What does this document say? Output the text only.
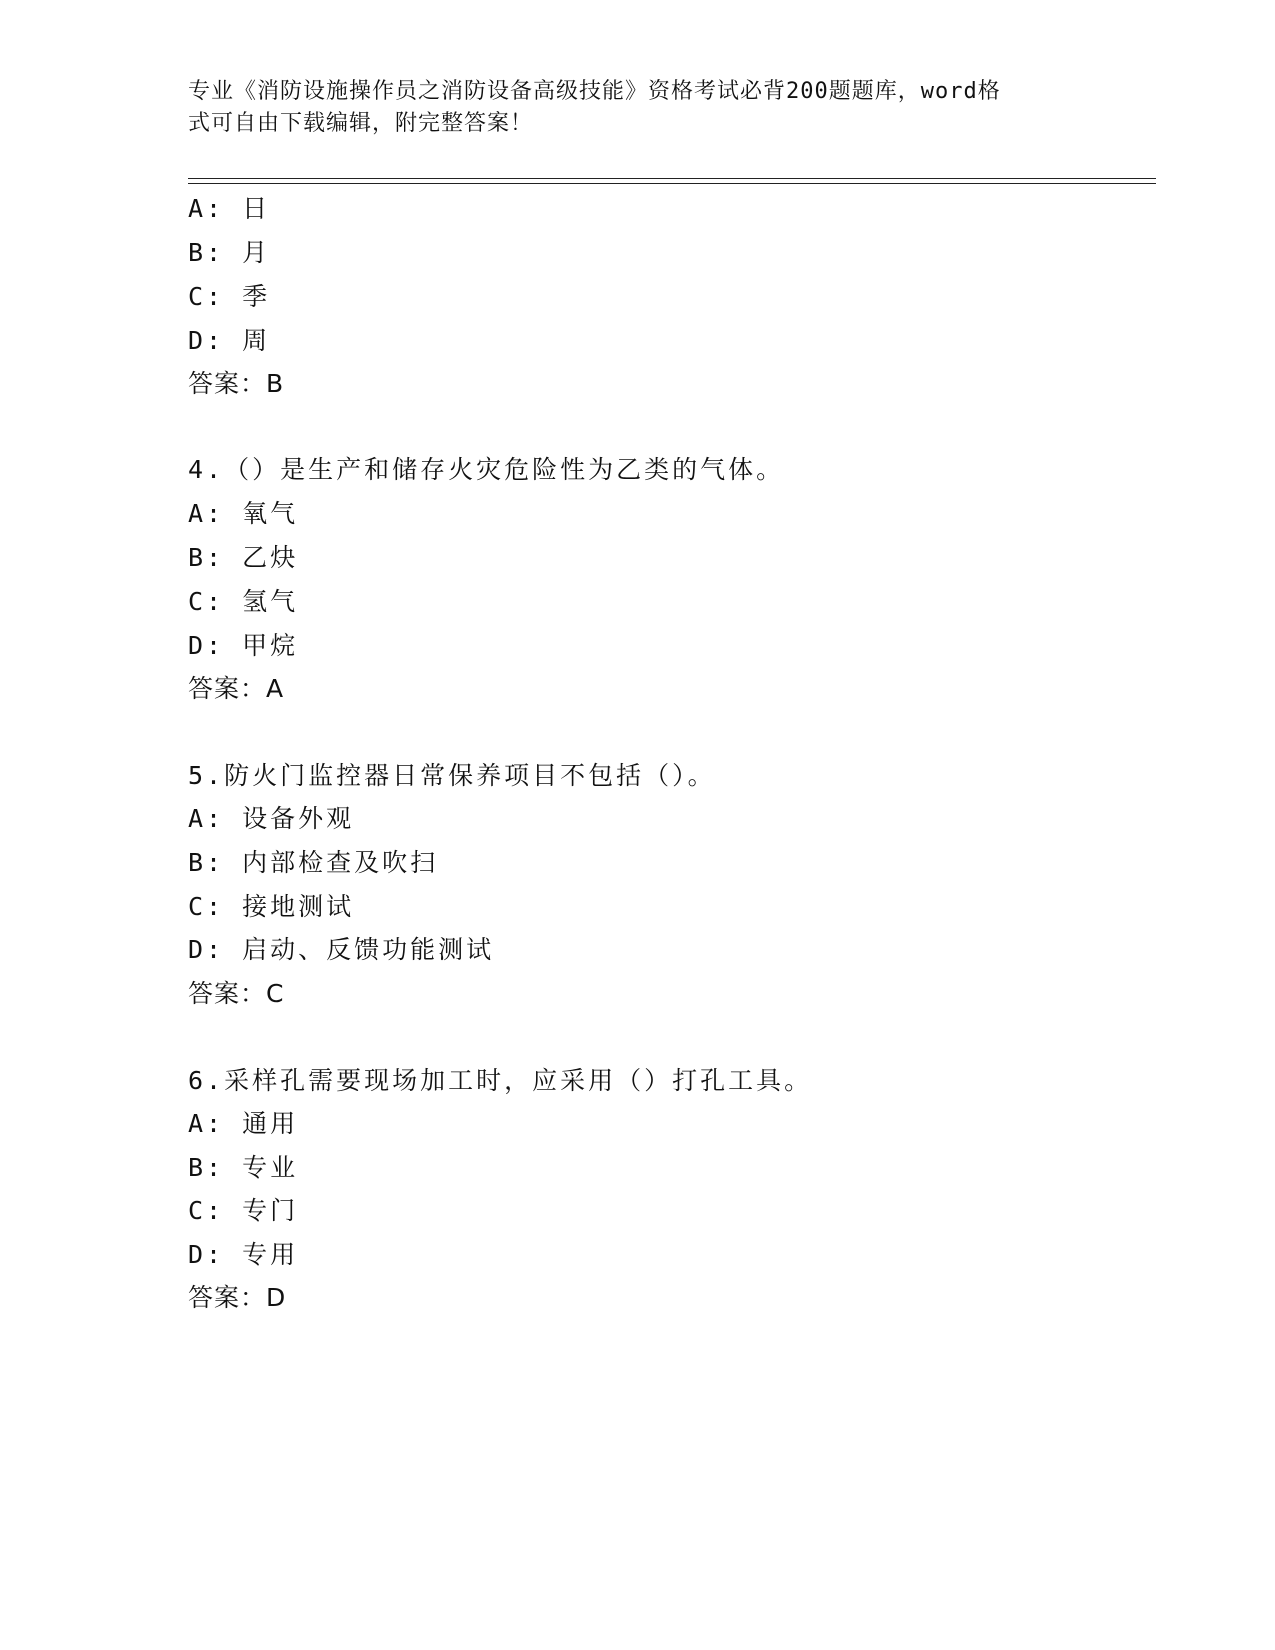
专业《消防设施操作员之消防设备高级技能》资格考试必背200题题库，word格
式可自由下载编辑，附完整答案！
A: 日
B: 月
C: 季
D: 周
答案：B
4.（）是生产和储存火灾危险性为乙类的气体。
A: 氧气
B: 乙炔
C: 氢气
D: 甲烷
答案：A
5.防火门监控器日常保养项目不包括（）。
A: 设备外观
B: 内部检查及吹扫
C: 接地测试
D: 启动、反馈功能测试
答案：C
6.采样孔需要现场加工时，应采用（）打孔工具。
A: 通用
B: 专业
C: 专门
D: 专用
答案：D
